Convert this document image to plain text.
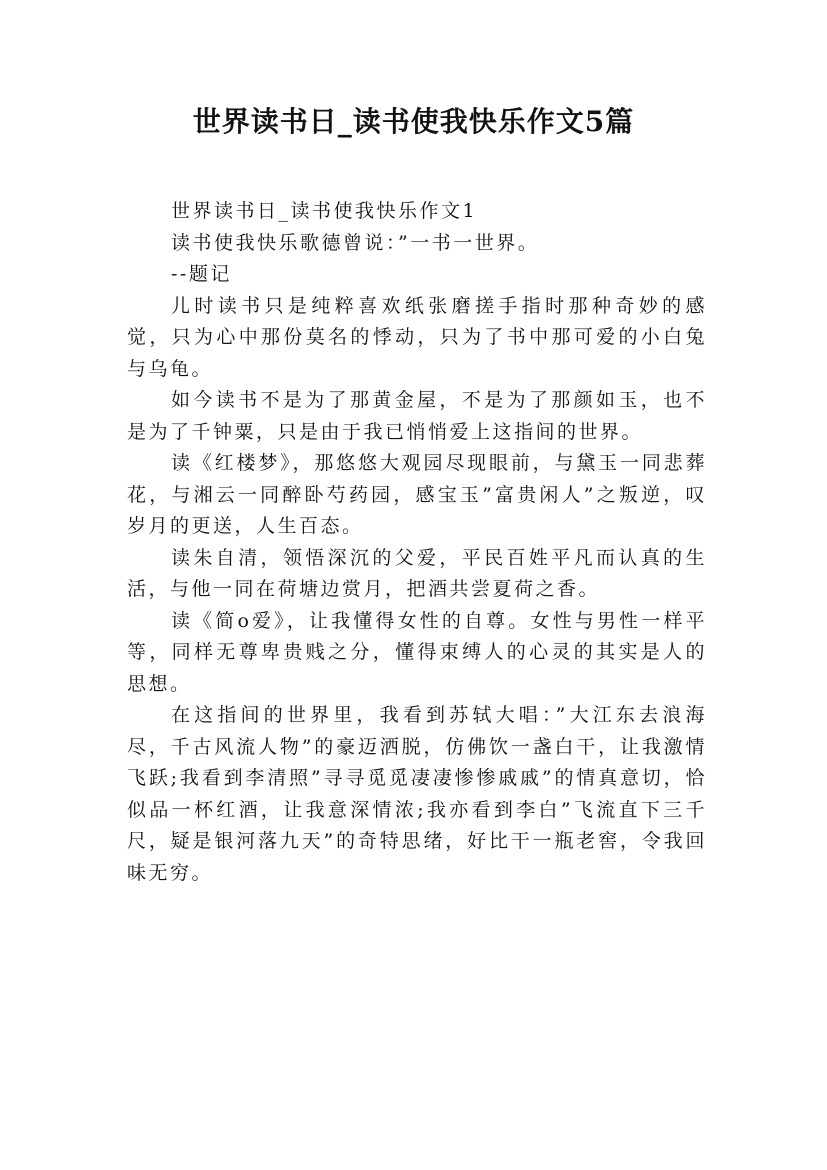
世界读书日_读书使我快乐作文5篇

世界读书日_读书使我快乐作文1

读书使我快乐歌德曾说：”一书一世界。

--题记

儿时读书只是纯粹喜欢纸张磨搓手指时那种奇妙的感觉，只为心中那份莫名的悸动，只为了书中那可爱的小白兔与乌龟。

如今读书不是为了那黄金屋，不是为了那颜如玉，也不是为了千钟粟，只是由于我已悄悄爱上这指间的世界。

读《红楼梦》，那悠悠大观园尽现眼前，与黛玉一同悲葬花，与湘云一同醉卧芍药园，感宝玉”富贵闲人”之叛逆，叹岁月的更送，人生百态。

读朱自清，领悟深沉的父爱，平民百姓平凡而认真的生活，与他一同在荷塘边赏月，把酒共尝夏荷之香。

读《简ο爱》，让我懂得女性的自尊。女性与男性一样平等，同样无尊卑贵贱之分，懂得束缚人的心灵的其实是人的思想。

在这指间的世界里，我看到苏轼大唱：”大江东去浪海尽，千古风流人物”的豪迈洒脱，仿佛饮一盏白干，让我激情飞跃;我看到李清照”寻寻觅觅凄凄惨惨戚戚”的情真意切，恰似品一杯红酒，让我意深情浓;我亦看到李白”飞流直下三千尺，疑是银河落九天”的奇特思绪，好比干一瓶老窖，令我回味无穷。
